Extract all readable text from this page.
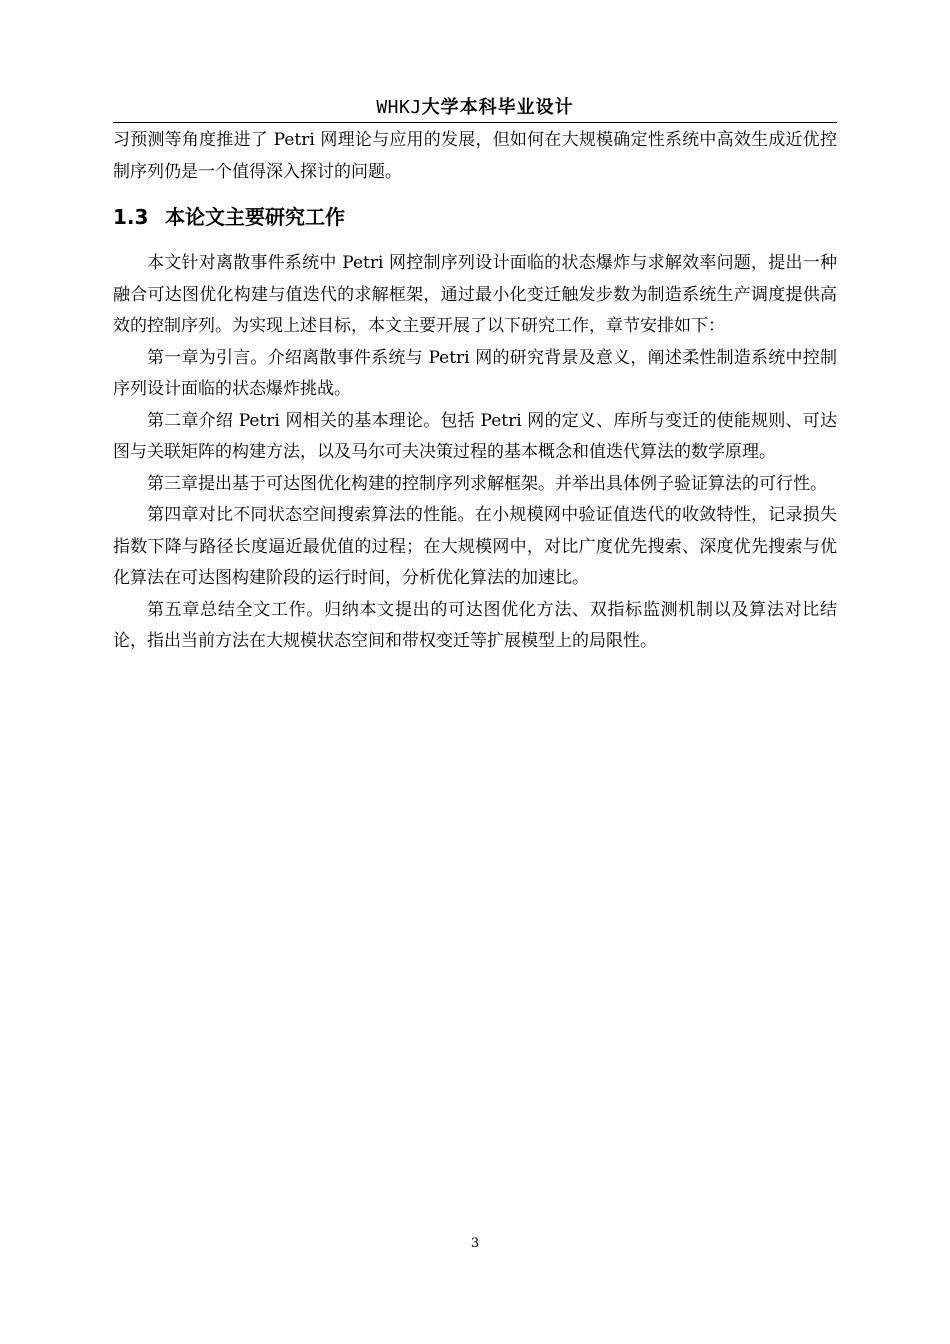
WHKJ大学本科毕业设计

习预测等角度推进了 Petri 网理论与应用的发展，但如何在大规模确定性系统中高效生成近优控制序列仍是一个值得深入探讨的问题。

1.3 本论文主要研究工作

本文针对离散事件系统中 Petri 网控制序列设计面临的状态爆炸与求解效率问题，提出一种融合可达图优化构建与值迭代的求解框架，通过最小化变迁触发步数为制造系统生产调度提供高效的控制序列。为实现上述目标，本文主要开展了以下研究工作，章节安排如下：

第一章为引言。介绍离散事件系统与 Petri 网的研究背景及意义，阐述柔性制造系统中控制序列设计面临的状态爆炸挑战。

第二章介绍 Petri 网相关的基本理论。包括 Petri 网的定义、库所与变迁的使能规则、可达图与关联矩阵的构建方法，以及马尔可夫决策过程的基本概念和值迭代算法的数学原理。

第三章提出基于可达图优化构建的控制序列求解框架。并举出具体例子验证算法的可行性。

第四章对比不同状态空间搜索算法的性能。在小规模网中验证值迭代的收敛特性，记录损失指数下降与路径长度逼近最优值的过程；在大规模网中，对比广度优先搜索、深度优先搜索与优化算法在可达图构建阶段的运行时间，分析优化算法的加速比。

第五章总结全文工作。归纳本文提出的可达图优化方法、双指标监测机制以及算法对比结论，指出当前方法在大规模状态空间和带权变迁等扩展模型上的局限性。

3
